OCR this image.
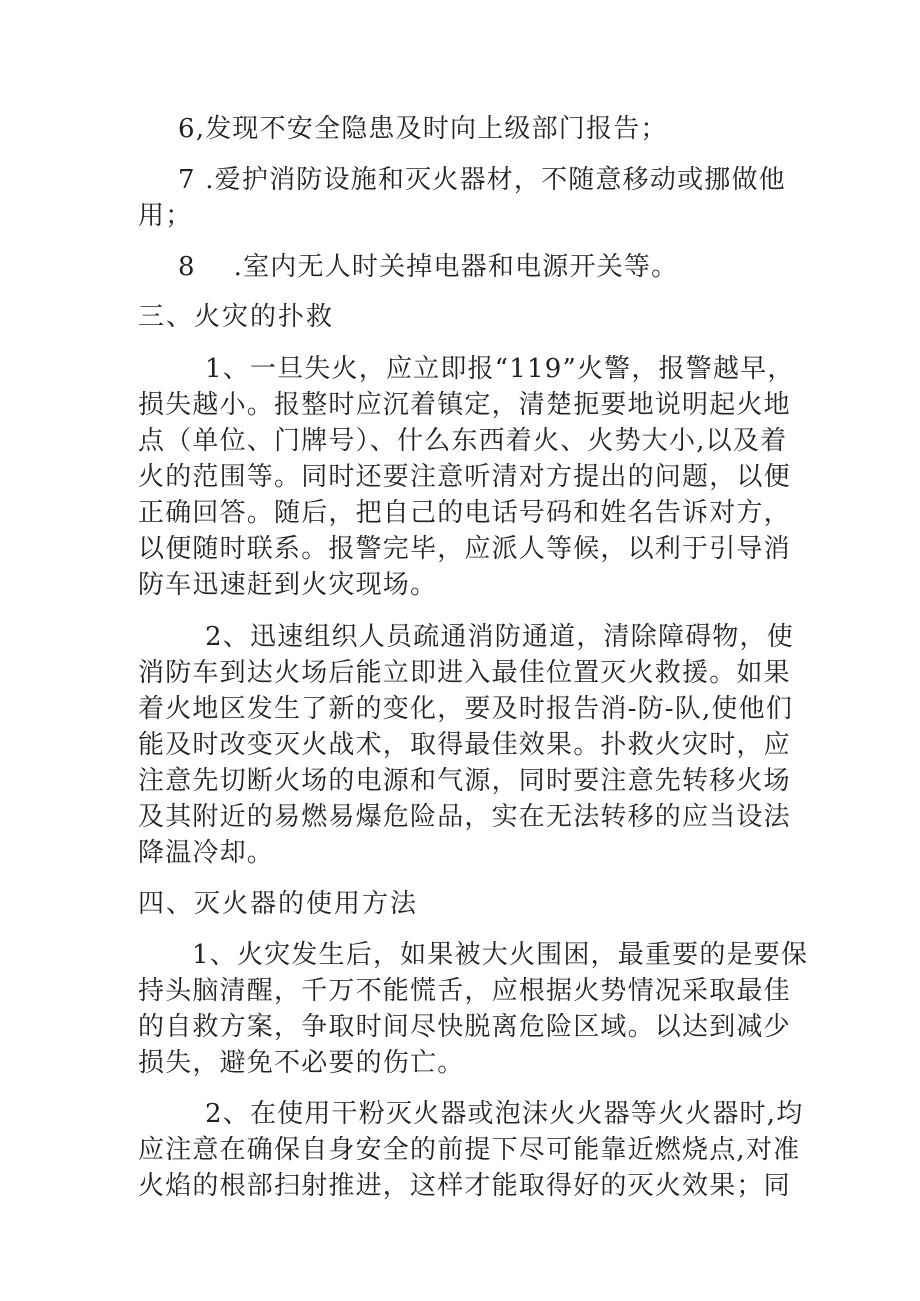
6,发现不安全隐患及时向上级部门报告；
7 .爱护消防设施和灭火器材，不随意移动或挪做他
用；
8    .室内无人时关掉电器和电源开关等。
三、火灾的扑救
1、一旦失火，应立即报“119”火警，报警越早，
损失越小。报整时应沉着镇定，清楚扼要地说明起火地
点（单位、门牌号）、什么东西着火、火势大小,以及着
火的范围等。同时还要注意听清对方提出的问题，以便
正确回答。随后，把自己的电话号码和姓名告诉对方，
以便随时联系。报警完毕，应派人等候，以利于引导消
防车迅速赶到火灾现场。
2、迅速组织人员疏通消防通道，清除障碍物，使
消防车到达火场后能立即进入最佳位置灭火救援。如果
着火地区发生了新的变化，要及时报告消-防-队,使他们
能及时改变灭火战术，取得最佳效果。扑救火灾时，应
注意先切断火场的电源和气源，同时要注意先转移火场
及其附近的易燃易爆危险品，实在无法转移的应当设法
降温冷却。
四、灭火器的使用方法
1、火灾发生后，如果被大火围困，最重要的是要保
持头脑清醒，千万不能慌舌，应根据火势情况采取最佳
的自救方案，争取时间尽快脱离危险区域。以达到减少
损失，避免不必要的伤亡。
2、在使用干粉灭火器或泡沫火火器等火火器时,均
应注意在确保自身安全的前提下尽可能靠近燃烧点,对准
火焰的根部扫射推进，这样才能取得好的灭火效果；同
